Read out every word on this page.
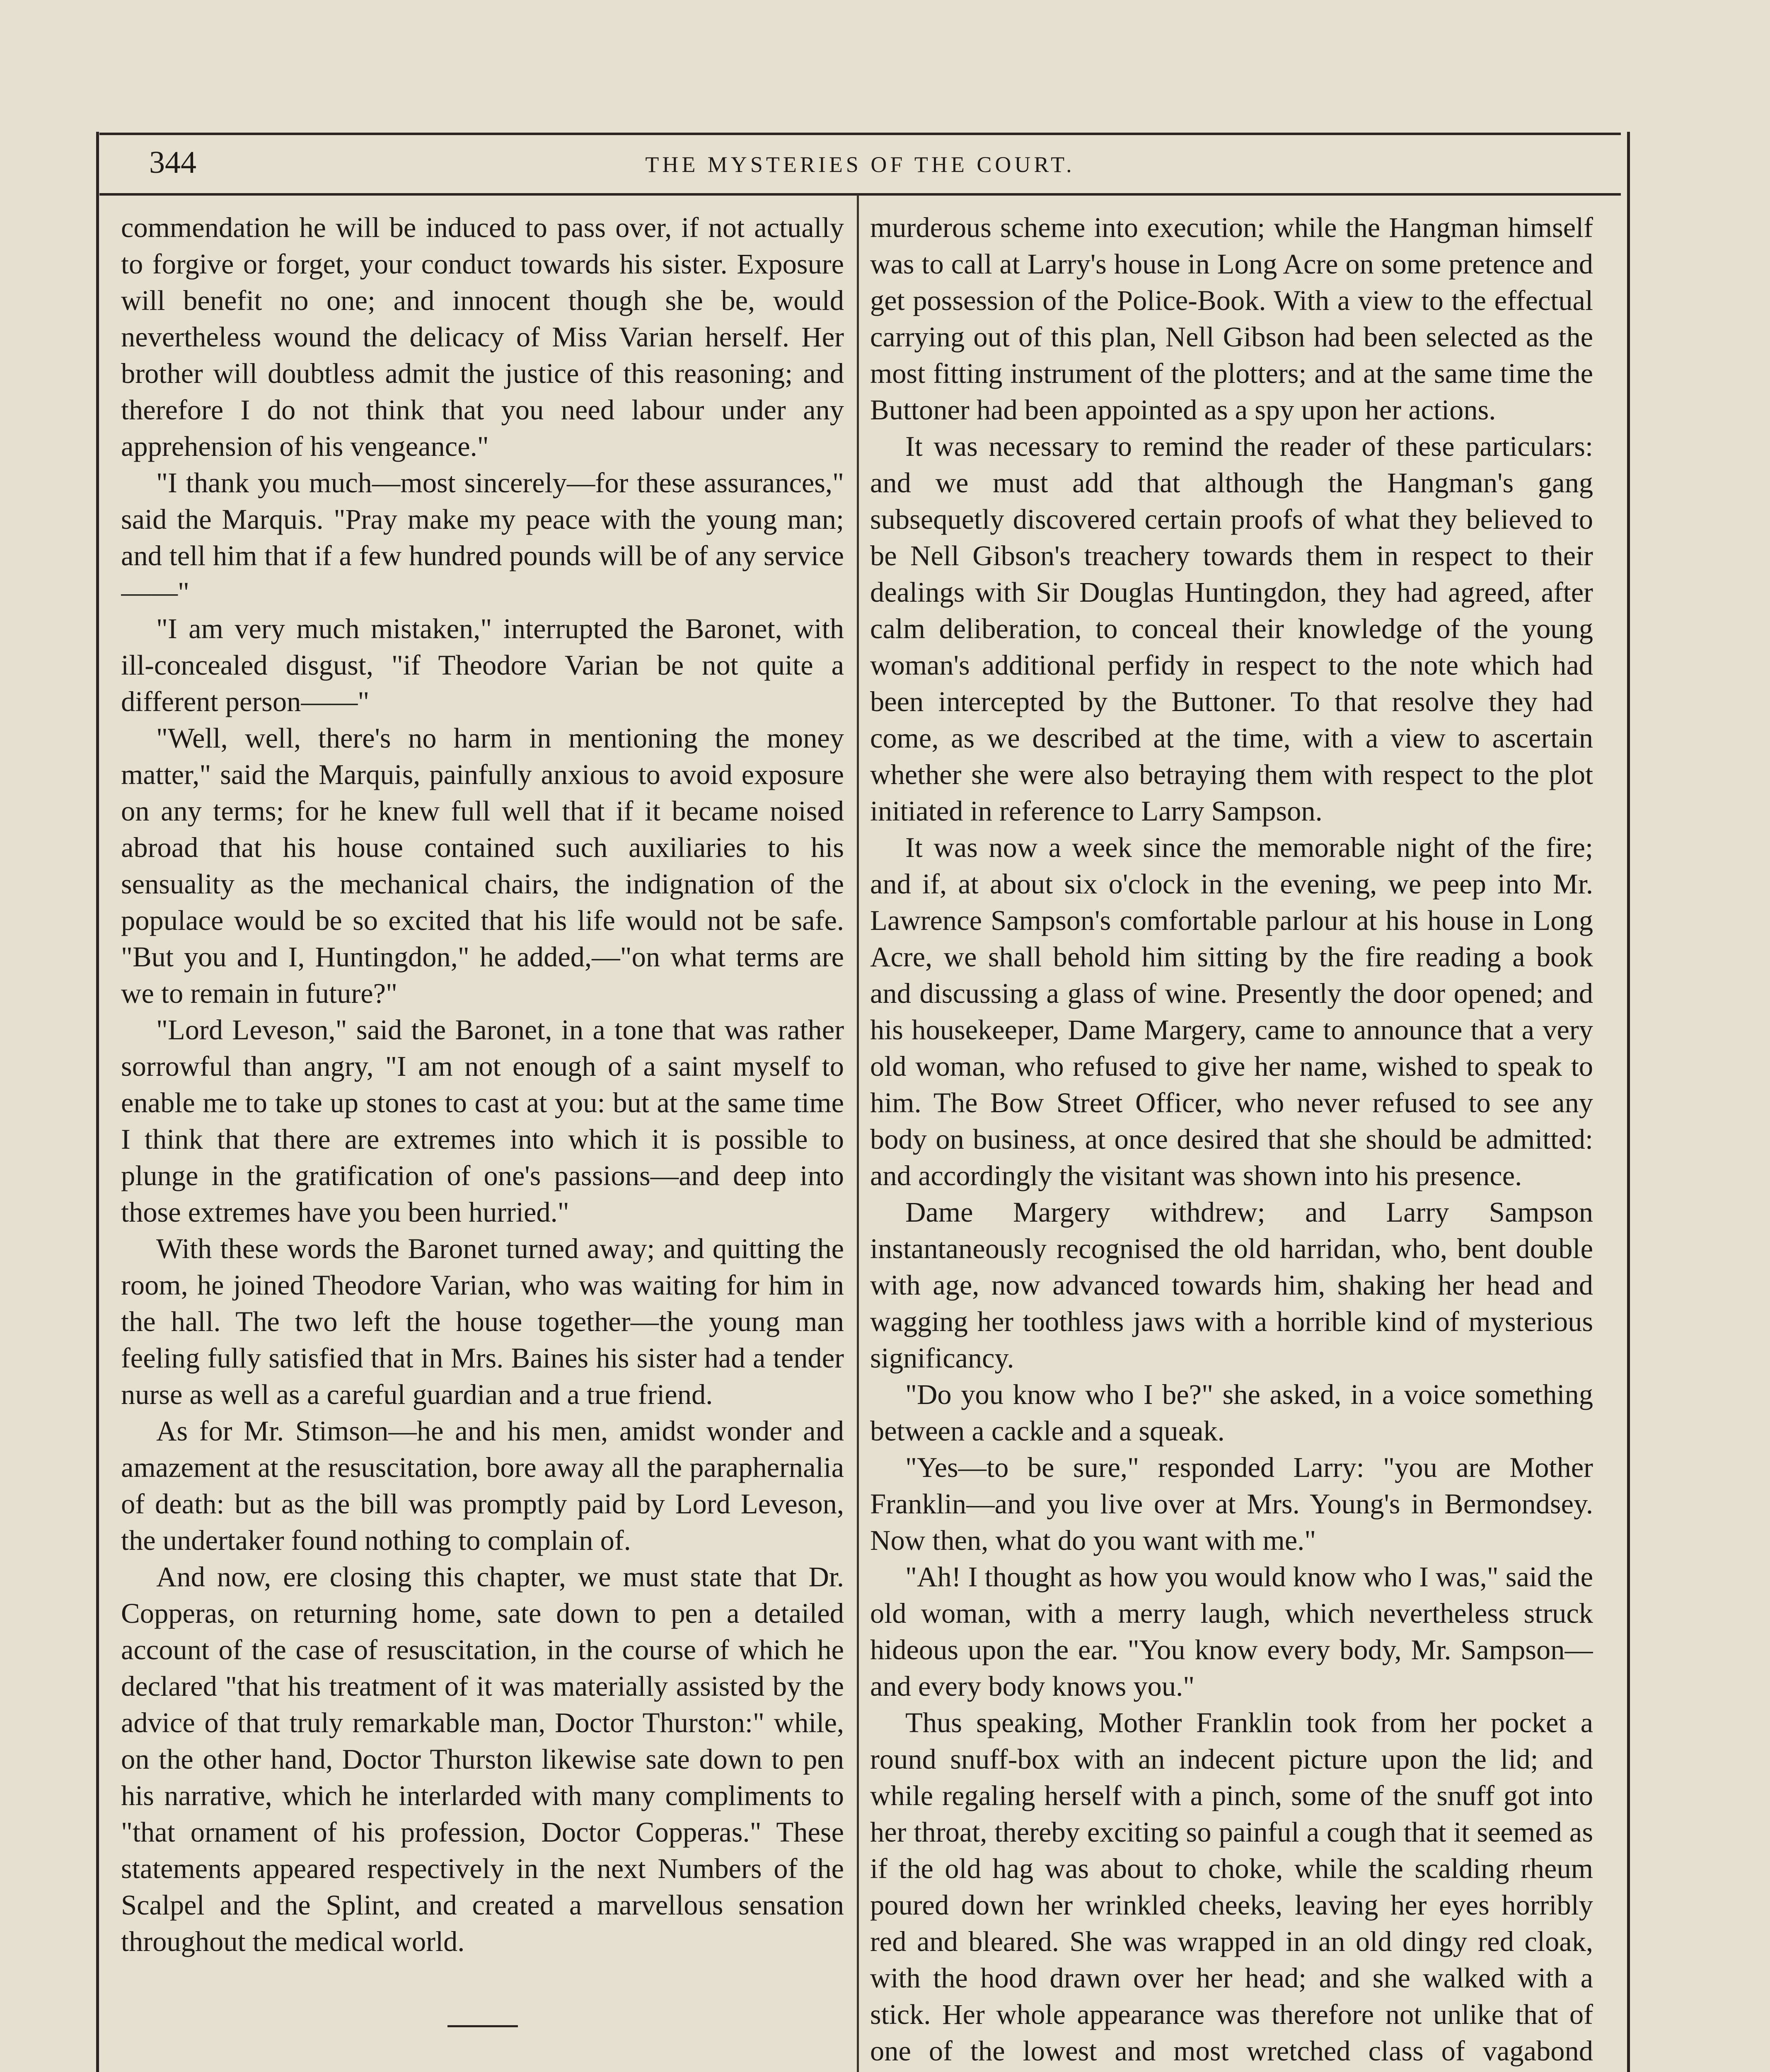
344	THE MYSTERIES OF THE COURT.

commendation he will be induced to pass over, if not actually to forgive or forget, your conduct towards his sister. Exposure will benefit no one; and innocent though she be, would nevertheless wound the delicacy of Miss Varian herself. Her brother will doubtless admit the justice of this reasoning; and therefore I do not think that you need labour under any apprehension of his vengeance."

"I thank you much—most sincerely—for these assurances," said the Marquis. "Pray make my peace with the young man; and tell him that if a few hundred pounds will be of any service——"

"I am very much mistaken," interrupted the Baronet, with ill-concealed disgust, "if Theodore Varian be not quite a different person——"

"Well, well, there's no harm in mentioning the money matter," said the Marquis, painfully anxious to avoid exposure on any terms; for he knew full well that if it became noised abroad that his house contained such auxiliaries to his sensuality as the mechanical chairs, the indignation of the populace would be so excited that his life would not be safe. "But you and I, Huntingdon," he added,—"on what terms are we to remain in future?"

"Lord Leveson," said the Baronet, in a tone that was rather sorrowful than angry, "I am not enough of a saint myself to enable me to take up stones to cast at you: but at the same time I think that there are extremes into which it is possible to plunge in the gratification of one's passions—and deep into those extremes have you been hurried."

With these words the Baronet turned away; and quitting the room, he joined Theodore Varian, who was waiting for him in the hall. The two left the house together—the young man feeling fully satisfied that in Mrs. Baines his sister had a tender nurse as well as a careful guardian and a true friend.

As for Mr. Stimson—he and his men, amidst wonder and amazement at the resuscitation, bore away all the paraphernalia of death: but as the bill was promptly paid by Lord Leveson, the undertaker found nothing to complain of.

And now, ere closing this chapter, we must state that Dr. Copperas, on returning home, sate down to pen a detailed account of the case of resuscitation, in the course of which he declared "that his treatment of it was materially assisted by the advice of that truly remarkable man, Doctor Thurston:" while, on the other hand, Doctor Thurston likewise sate down to pen his narrative, which he interlarded with many compliments to "that ornament of his profession, Doctor Copperas." These statements appeared respectively in the next Numbers of the Scalpel and the Splint, and created a marvellous sensation throughout the medical world.

murderous scheme into execution; while the Hangman himself was to call at Larry's house in Long Acre on some pretence and get possession of the Police-Book. With a view to the effectual carrying out of this plan, Nell Gibson had been selected as the most fitting instrument of the plotters; and at the same time the Buttoner had been appointed as a spy upon her actions.

It was necessary to remind the reader of these particulars: and we must add that although the Hangman's gang subsequetly discovered certain proofs of what they believed to be Nell Gibson's treachery towards them in respect to their dealings with Sir Douglas Huntingdon, they had agreed, after calm deliberation, to conceal their knowledge of the young woman's additional perfidy in respect to the note which had been intercepted by the Buttoner. To that resolve they had come, as we described at the time, with a view to ascertain whether she were also betraying them with respect to the plot initiated in reference to Larry Sampson.

It was now a week since the memorable night of the fire; and if, at about six o'clock in the evening, we peep into Mr. Lawrence Sampson's comfortable parlour at his house in Long Acre, we shall behold him sitting by the fire reading a book and discussing a glass of wine. Presently the door opened; and his housekeeper, Dame Margery, came to announce that a very old woman, who refused to give her name, wished to speak to him. The Bow Street Officer, who never refused to see any body on business, at once desired that she should be admitted: and accordingly the visitant was shown into his presence.

Dame Margery withdrew; and Larry Sampson instantaneously recognised the old harridan, who, bent double with age, now advanced towards him, shaking her head and wagging her toothless jaws with a horrible kind of mysterious significancy.

"Do you know who I be?" she asked, in a voice something between a cackle and a squeak.

"Yes—to be sure," responded Larry: "you are Mother Franklin—and you live over at Mrs. Young's in Bermondsey. Now then, what do you want with me."

"Ah! I thought as how you would know who I was," said the old woman, with a merry laugh, which nevertheless struck hideous upon the ear. "You know every body, Mr. Sampson—and every body knows you."

Thus speaking, Mother Franklin took from her pocket a round snuff-box with an indecent picture upon the lid; and while regaling herself with a pinch, some of the snuff got into her throat, thereby exciting so painful a cough that it seemed as if the old hag was about to choke, while the scalding rheum poured down her wrinkled cheeks, leaving her eyes horribly red and bleared. She was wrapped in an old dingy red cloak, with the hood drawn over her head; and she walked with a stick. Her whole appearance was therefore not unlike that of one of the lowest and most wretched class of vagabond
